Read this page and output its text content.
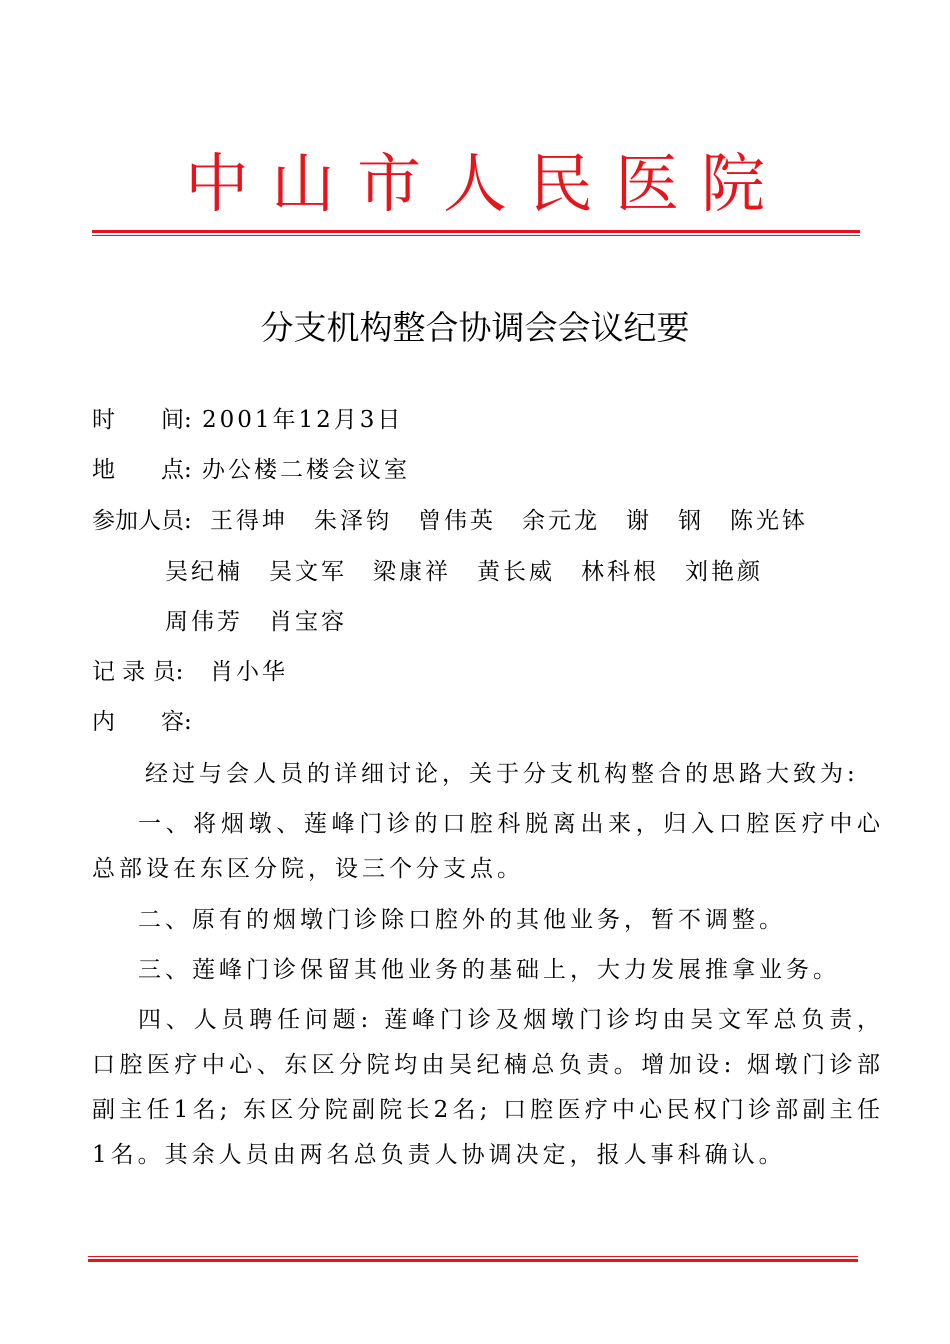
中山市人民医院
分支机构整合协调会会议纪要
时　　间: 2001年12月3日
地　　点: 办公楼二楼会议室
参加人员: 王得坤　朱泽钧　曾伟英　余元龙　谢　钢　陈光钵
吴纪楠　吴文军　梁康祥　黄长威　林科根　刘艳颜
周伟芳　肖宝容
记 录 员: 肖小华
内　　容:
经过与会人员的详细讨论，关于分支机构整合的思路大致为:
一、将烟墩、莲峰门诊的口腔科脱离出来，归入口腔医疗中心总部设在东区分院，设三个分支点。
二、原有的烟墩门诊除口腔外的其他业务，暂不调整。
三、莲峰门诊保留其他业务的基础上，大力发展推拿业务。
四、人员聘任问题: 莲峰门诊及烟墩门诊均由吴文军总负责，口腔医疗中心、东区分院均由吴纪楠总负责。增加设: 烟墩门诊部副主任1名; 东区分院副院长2名; 口腔医疗中心民权门诊部副主任1名。其余人员由两名总负责人协调决定，报人事科确认。
